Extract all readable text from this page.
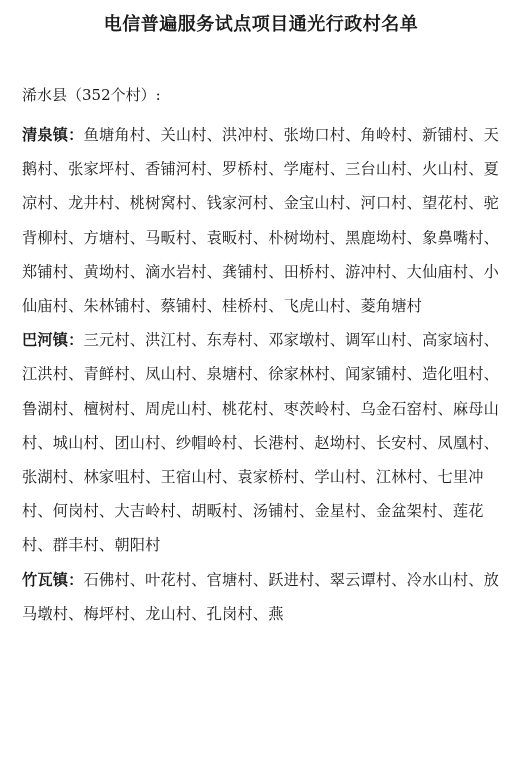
电信普遍服务试点项目通光行政村名单
浠水县（352个村）:

清泉镇：鱼塘角村、关山村、洪冲村、张坳口村、角岭村、新铺村、天鹅村、张家坪村、香铺河村、罗桥村、学庵村、三台山村、火山村、夏凉村、龙井村、桃树窝村、钱家河村、金宝山村、河口村、望花村、驼背柳村、方塘村、马畈村、袁畈村、朴树坳村、黑鹿坳村、象鼻嘴村、郑铺村、黄坳村、滴水岩村、龚铺村、田桥村、游冲村、大仙庙村、小仙庙村、朱林铺村、蔡铺村、桂桥村、飞虎山村、菱角塘村

巴河镇：三元村、洪江村、东寿村、邓家墩村、调军山村、高家垴村、江洪村、青鲜村、凤山村、泉塘村、徐家林村、闻家铺村、造化咀村、鲁湖村、檀树村、周虎山村、桃花村、枣茨岭村、乌金石窑村、麻母山村、城山村、团山村、纱帽岭村、长港村、赵坳村、长安村、凤凰村、张湖村、林家咀村、王宿山村、袁家桥村、学山村、江林村、七里冲村、何岗村、大吉岭村、胡畈村、汤铺村、金星村、金盆架村、莲花村、群丰村、朝阳村

竹瓦镇：石佛村、叶花村、官塘村、跃进村、翠云谭村、冷水山村、放马墩村、梅坪村、龙山村、孔岗村、燕
